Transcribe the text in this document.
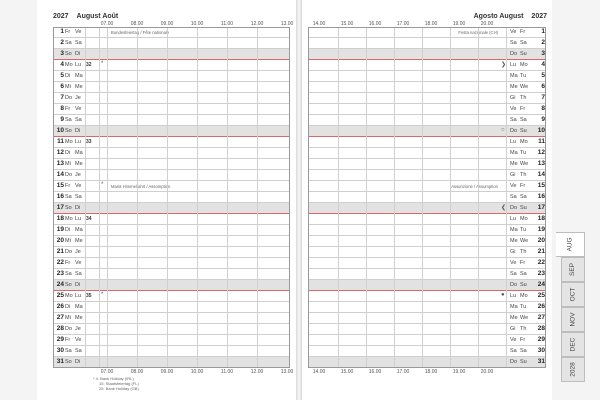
2027 August Août
07.00	08.00	09.00	10.00	11.00	12.00	13.00
1 Fr Ve	Bundesfeiertag / Fête nationale
2 Sa Sa
3 So Di
4 Mo Lu 32 *
5 Di Ma
6 Mi Me
7 Do Je
8 Fr Ve
9 Sa Sa
10 So Di
11 Mo Lu 33
12 Di Ma
13 Mi Me
14 Do Je
15 Fr Ve	* Mariä Himmelfahrt / Assomption
16 Sa Sa
17 So Di
18 Mo Lu 34
19 Di Ma
20 Mi Me
21 Do Je
22 Fr Ve
23 Sa Sa
24 So Di
25 Mo Lu 35 *
26 Di Ma
27 Mi Me
28 Do Je
29 Fr Ve
30 Sa Sa
31 So Di
07.00	08.00	09.00	10.00	11.00	12.00	13.00
* 4. Bank Holiday (IRL)
15. Staatsfeiertag (FL)
25. Bank Holiday (GB)
Agosto August 2027
14.00	15.00	16.00	17.00	18.00	19.00	20.00
Ve Fr 1
Festa nazionale (CH)
Sa Sa 2
Do Su 3
Lu Mo 4
❯
Ma Tu 5
Me We 6
Gi Th 7
Ve Fr 8
Sa Sa 9
Do Su 10
○
Lu Mo 11
Ma Tu 12
Me We 13
Gi Th 14
Ve Fr 15
Assunzione / Assumption
Sa Sa 16
Do Su 17
❮
Lu Mo 18
Ma Tu 19
Me We 20
Gi Th 21
Ve Fr 22
Sa Sa 23
Do Su 24
Lu Mo 25
●
Ma Tu 26
Me We 27
Gi Th 28
Ve Fr 29
Sa Sa 30
Do Su 31
14.00	15.00	16.00	17.00	18.00	19.00	20.00
AUG
SEP
OCT
NOV
DEC
2028
